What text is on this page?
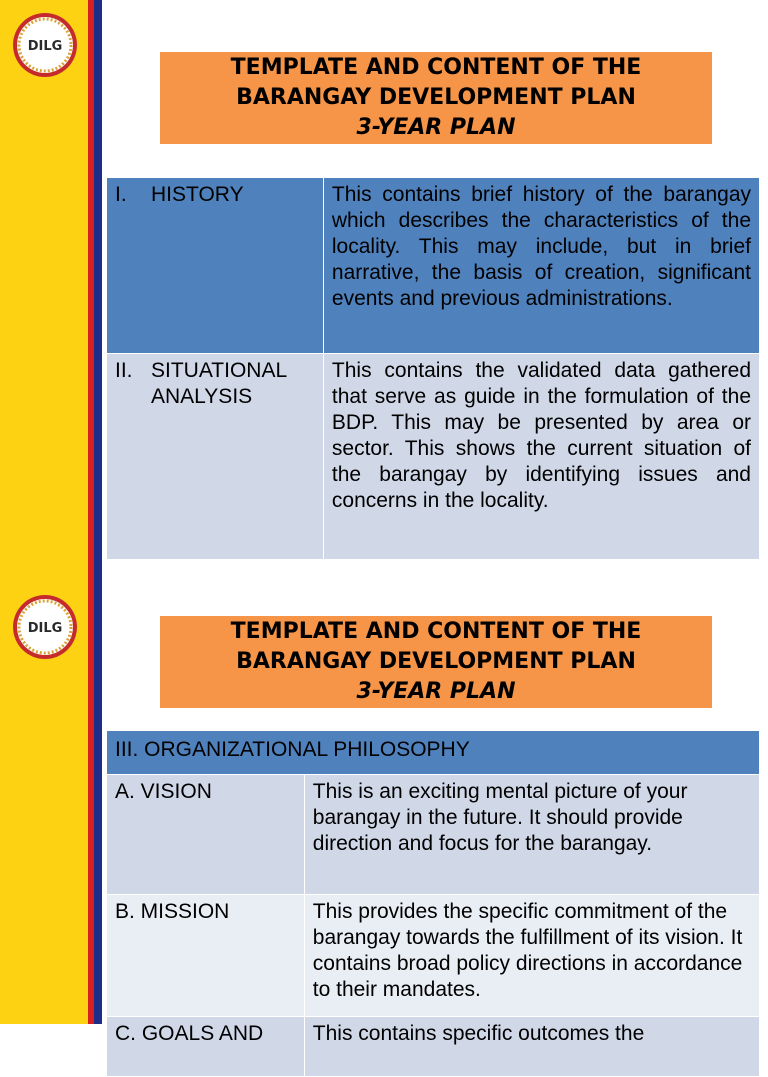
DILG
TEMPLATE AND CONTENT OF THE
BARANGAY DEVELOPMENT PLAN
3-YEAR PLAN
I. HISTORY	This contains brief history of the barangay which describes the characteristics of the locality. This may include, but in brief narrative, the basis of creation, significant events and previous administrations.

II. SITUATIONAL ANALYSIS	This contains the validated data gathered that serve as guide in the formulation of the BDP. This may be presented by area or sector. This shows the current situation of the barangay by identifying issues and concerns in the locality.
DILG	TEMPLATE AND CONTENT OF THE
BARANGAY DEVELOPMENT PLAN
3-YEAR PLAN
III. ORGANIZATIONAL PHILOSOPHY	
A. VISION	This is an exciting mental picture of your barangay in the future. It should provide direction and focus for the barangay.
B. MISSION	This provides the specific commitment of the barangay towards the fulfillment of its vision. It contains broad policy directions in accordance to their mandates.
C. GOALS AND	This contains specific outcomes the
